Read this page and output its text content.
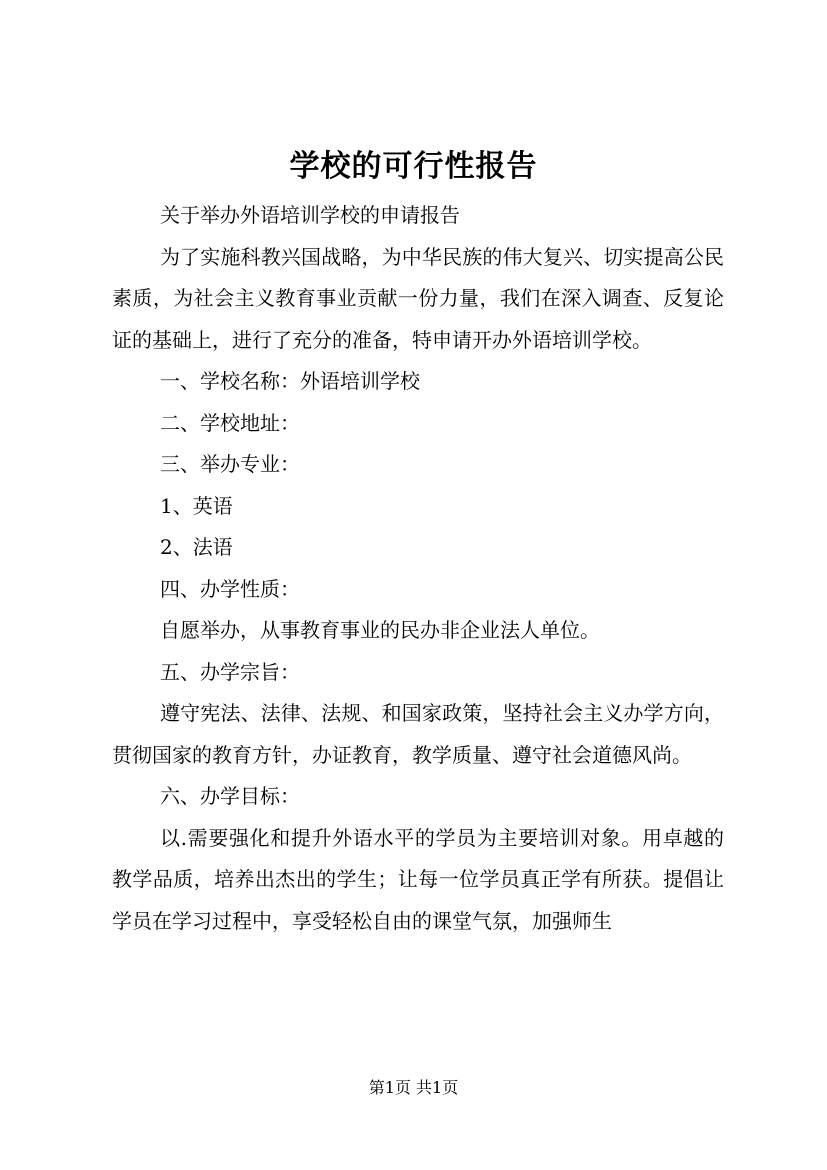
学校的可行性报告

关于举办外语培训学校的申请报告

为了实施科教兴国战略，为中华民族的伟大复兴、切实提高公民素质，为社会主义教育事业贡献一份力量，我们在深入调查、反复论证的基础上，进行了充分的准备，特申请开办外语培训学校。

一、学校名称：外语培训学校

二、学校地址：

三、举办专业：

1、英语

2、法语

四、办学性质：

自愿举办，从事教育事业的民办非企业法人单位。

五、办学宗旨：

遵守宪法、法律、法规、和国家政策，坚持社会主义办学方向，贯彻国家的教育方针，办证教育，教学质量、遵守社会道德风尚。

六、办学目标：

以.需要强化和提升外语水平的学员为主要培训对象。用卓越的教学品质，培养出杰出的学生；让每一位学员真正学有所获。提倡让学员在学习过程中，享受轻松自由的课堂气氛，加强师生

第1页 共1页
